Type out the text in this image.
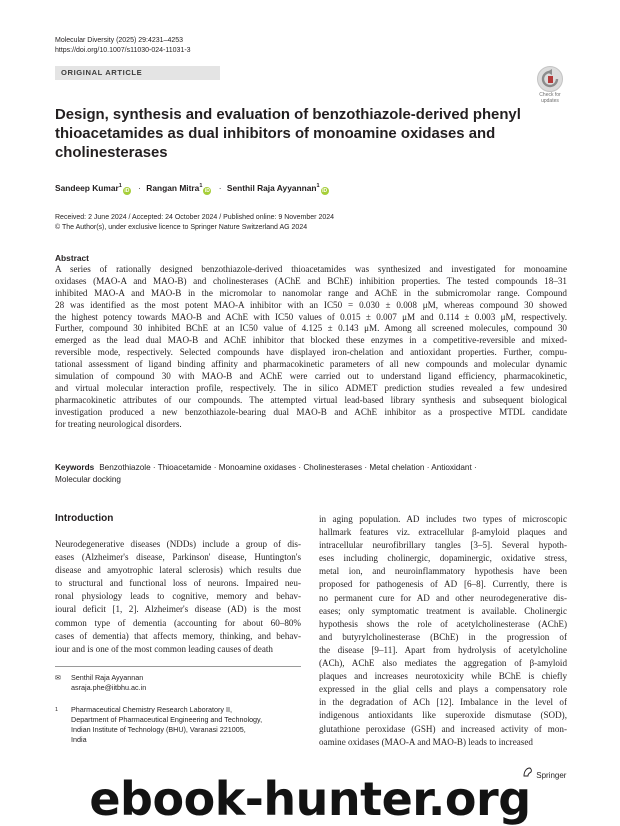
Molecular Diversity (2025) 29:4231–4253
https://doi.org/10.1007/s11030-024-11031-3
ORIGINAL ARTICLE
Check for updates
Design, synthesis and evaluation of benzothiazole-derived phenyl thioacetamides as dual inhibitors of monoamine oxidases and cholinesterases
Sandeep Kumar$^1$iD · Rangan Mitra$^1$iD · Senthil Raja Ayyannan$^1$iD
Received: 2 June 2024 / Accepted: 24 October 2024 / Published online: 9 November 2024
© The Author(s), under exclusive licence to Springer Nature Switzerland AG 2024
Abstract
A series of rationally designed benzothiazole-derived thioacetamides was synthesized and investigated for monoamine
oxidases (MAO-A and MAO-B) and cholinesterases (AChE and BChE) inhibition properties. The tested compounds 18–31
inhibited MAO-A and MAO-B in the micromolar to nanomolar range and AChE in the submicromolar range. Compound
28 was identified as the most potent MAO-A inhibitor with an IC50 = 0.030 ± 0.008 μM, whereas compound 30 showed
the highest potency towards MAO-B and AChE with IC50 values of 0.015 ± 0.007 μM and 0.114 ± 0.003 μM, respectively.
Further, compound 30 inhibited BChE at an IC50 value of 4.125 ± 0.143 μM. Among all screened molecules, compound 30
emerged as the lead dual MAO-B and AChE inhibitor that blocked these enzymes in a competitive-reversible and mixed-
reversible mode, respectively. Selected compounds have displayed iron-chelation and antioxidant properties. Further, compu-
tational assessment of ligand binding affinity and pharmacokinetic parameters of all new compounds and molecular dynamic
simulation of compound 30 with MAO-B and AChE were carried out to understand ligand efficiency, pharmacokinetic,
and virtual molecular interaction profile, respectively. The in silico ADMET prediction studies revealed a few undesired
pharmacokinetic attributes of our compounds. The attempted virtual lead-based library synthesis and subsequent biological
investigation produced a new benzothiazole-bearing dual MAO-B and AChE inhibitor as a prospective MTDL candidate
for treating neurological disorders.
Keywords Benzothiazole · Thioacetamide · Monoamine oxidases · Cholinesterases · Metal chelation · Antioxidant ·
Molecular docking
Introduction
Neurodegenerative diseases (NDDs) include a group of dis-
eases (Alzheimer's disease, Parkinson' disease, Huntington's
disease and amyotrophic lateral sclerosis) which results due
to structural and functional loss of neurons. Impaired neu-
ronal physiology leads to cognitive, memory and behav-
ioural deficit [1, 2]. Alzheimer's disease (AD) is the most
common type of dementia (accounting for about 60–80%
cases of dementia) that affects memory, thinking, and behav-
iour and is one of the most common leading causes of death
in aging population. AD includes two types of microscopic
hallmark features viz. extracellular β-amyloid plaques and
intracellular neurofibrillary tangles [3–5]. Several hypoth-
eses including cholinergic, dopaminergic, oxidative stress,
metal ion, and neuroinflammatory hypothesis have been
proposed for pathogenesis of AD [6–8]. Currently, there is
no permanent cure for AD and other neurodegenerative dis-
eases; only symptomatic treatment is available. Cholinergic
hypothesis shows the role of acetylcholinesterase (AChE)
and butyrylcholinesterase (BChE) in the progression of
the disease [9–11]. Apart from hydrolysis of acetylcholine
(ACh), AChE also mediates the aggregation of β-amyloid
plaques and increases neurotoxicity while BChE is chiefly
expressed in the glial cells and plays a compensatory role
in the degradation of ACh [12]. Imbalance in the level of
indigenous antioxidants like superoxide dismutase (SOD),
glutathione peroxidase (GSH) and increased activity of mon-
oamine oxidases (MAO-A and MAO-B) leads to increased
✉ Senthil Raja Ayyannan
asraja.phe@iitbhu.ac.in
1 Pharmaceutical Chemistry Research Laboratory II,
Department of Pharmaceutical Engineering and Technology,
Indian Institute of Technology (BHU), Varanasi 221005,
India
Springer
ebook-hunter.org
